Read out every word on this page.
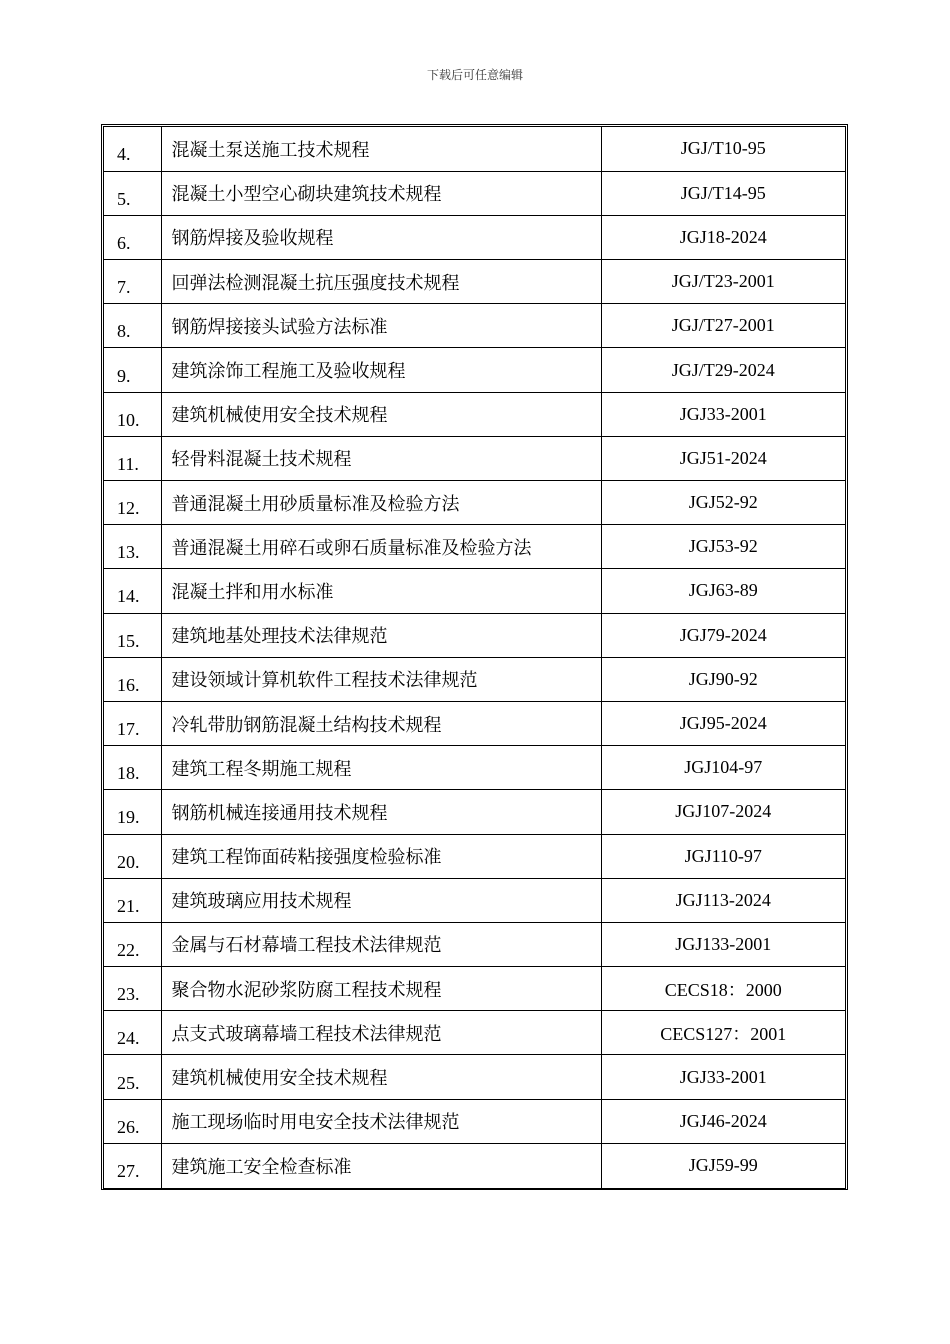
下载后可任意编辑
4.	混凝土泵送施工技术规程	JGJ/T10-95
5.	混凝土小型空心砌块建筑技术规程	JGJ/T14-95
6.	钢筋焊接及验收规程	JGJ18-2024
7.	回弹法检测混凝土抗压强度技术规程	JGJ/T23-2001
8.	钢筋焊接接头试验方法标准	JGJ/T27-2001
9.	建筑涂饰工程施工及验收规程	JGJ/T29-2024
10.	建筑机械使用安全技术规程	JGJ33-2001
11.	轻骨料混凝土技术规程	JGJ51-2024
12.	普通混凝土用砂质量标准及检验方法	JGJ52-92
13.	普通混凝土用碎石或卵石质量标准及检验方法	JGJ53-92
14.	混凝土拌和用水标准	JGJ63-89
15.	建筑地基处理技术法律规范	JGJ79-2024
16.	建设领域计算机软件工程技术法律规范	JGJ90-92
17.	冷轧带肋钢筋混凝土结构技术规程	JGJ95-2024
18.	建筑工程冬期施工规程	JGJ104-97
19.	钢筋机械连接通用技术规程	JGJ107-2024
20.	建筑工程饰面砖粘接强度检验标准	JGJ110-97
21.	建筑玻璃应用技术规程	JGJ113-2024
22.	金属与石材幕墙工程技术法律规范	JGJ133-2001
23.	聚合物水泥砂浆防腐工程技术规程	CECS18：2000
24.	点支式玻璃幕墙工程技术法律规范	CECS127：2001
25.	建筑机械使用安全技术规程	JGJ33-2001
26.	施工现场临时用电安全技术法律规范	JGJ46-2024
27.	建筑施工安全检查标准	JGJ59-99
